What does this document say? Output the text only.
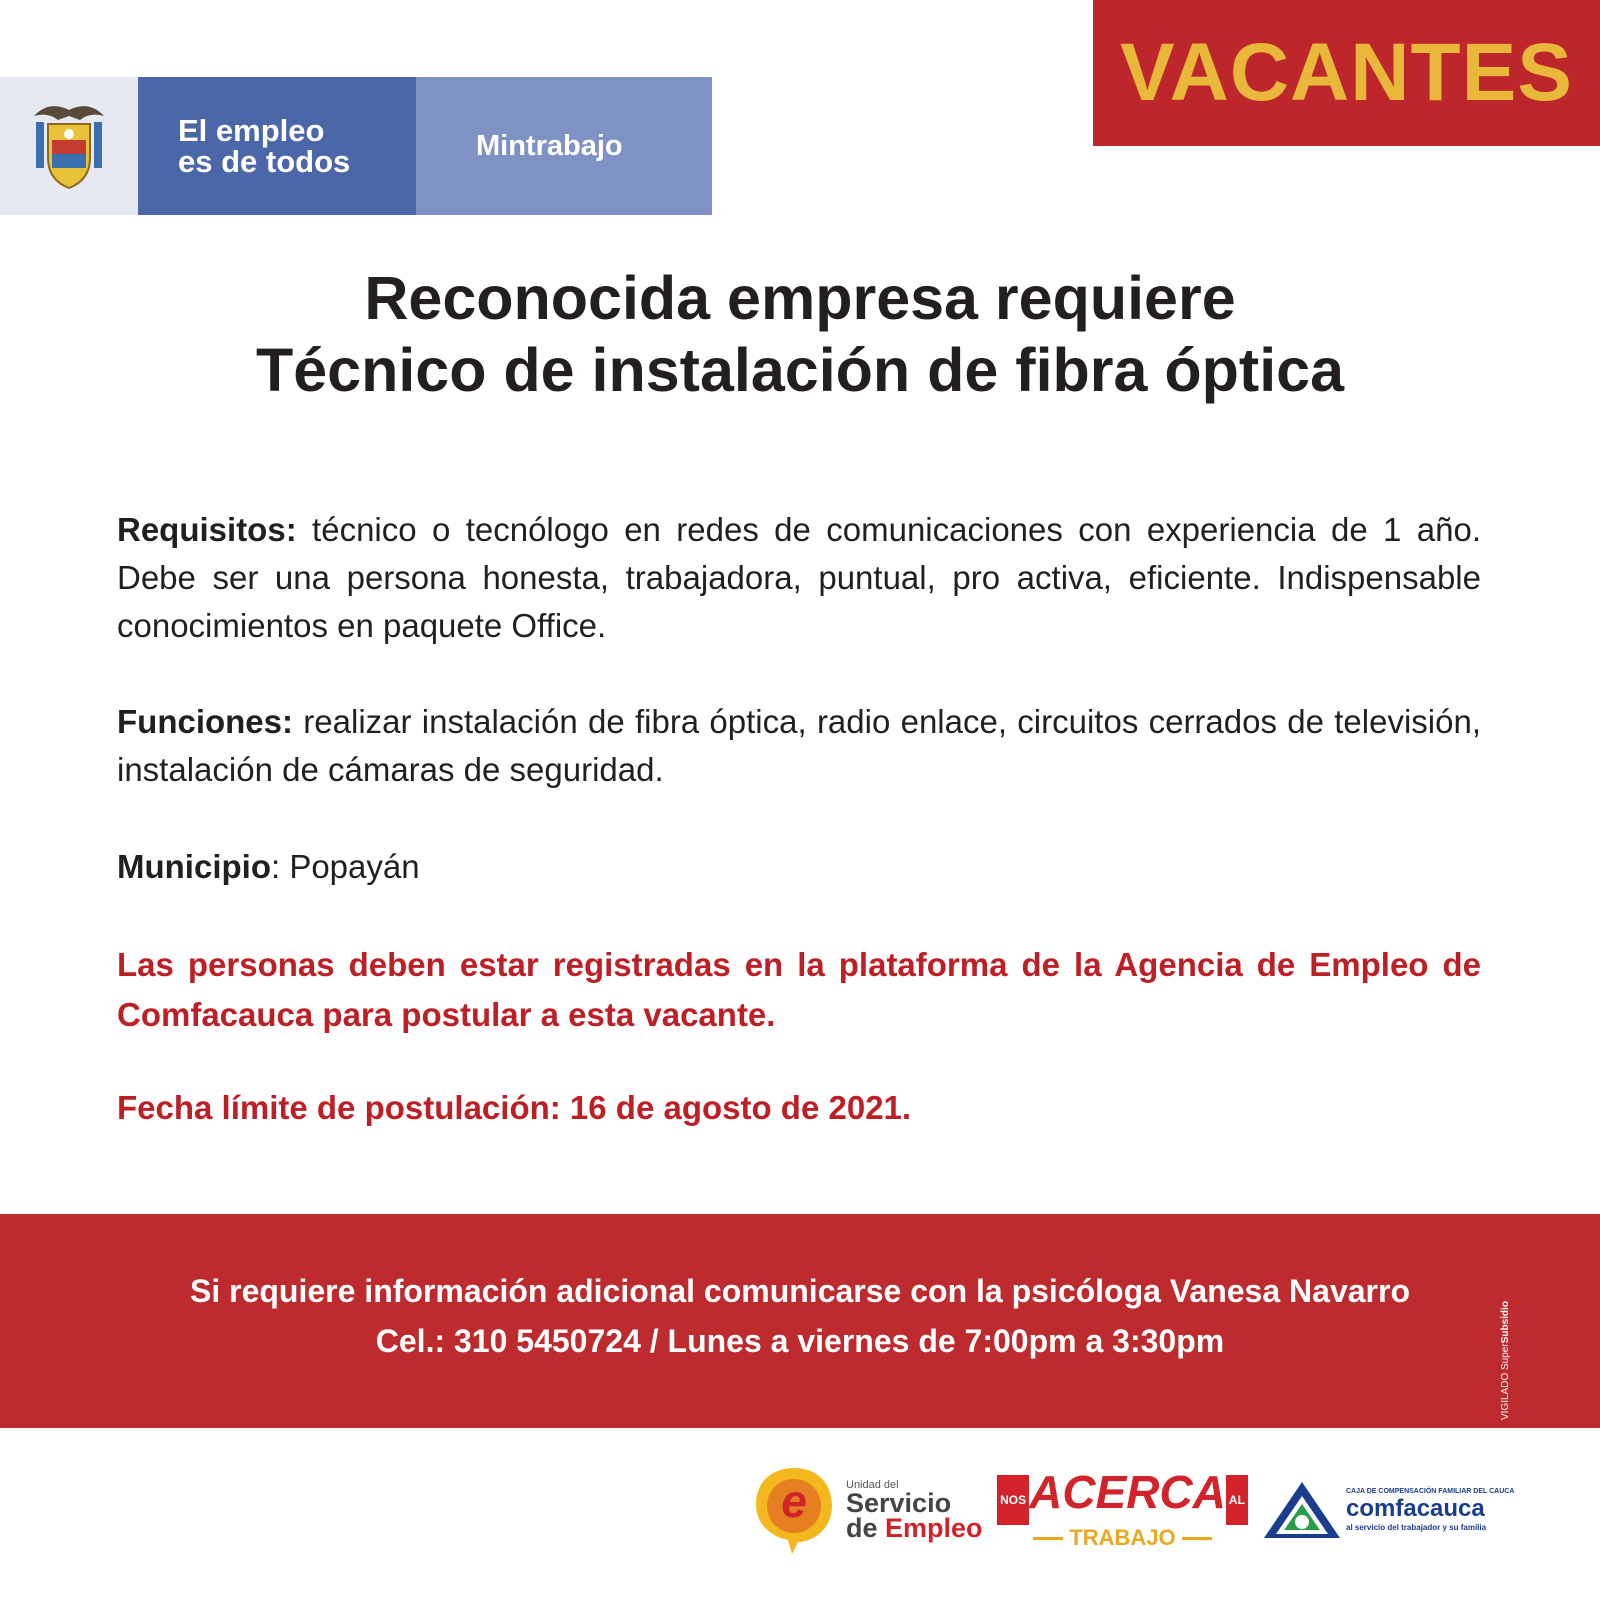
El empleo
es de todos	Mintrabajo
VACANTES
Reconocida empresa requiere
Técnico de instalación de fibra óptica
Requisitos: técnico o tecnólogo en redes de comunicaciones con experiencia de 1 año. Debe ser una persona honesta, trabajadora, puntual, pro activa, eficiente. Indispensable conocimientos en paquete Office.
Funciones: realizar instalación de fibra óptica, radio enlace, circuitos cerrados de televisión, instalación de cámaras de seguridad.
Municipio: Popayán
Las personas deben estar registradas en la plataforma de la Agencia de Empleo de Comfacauca para postular a esta vacante.
Fecha límite de postulación: 16 de agosto de 2021.
Si requiere información adicional comunicarse con la psicóloga Vanesa Navarro
Cel.: 310 5450724 / Lunes a viernes de 7:00pm a 3:30pm
VIGILADO SuperSubsidio
e	Unidad del
Servicio
de Empleo
NOS ACERCA AL
TRABAJO
CAJA DE COMPENSACIÓN FAMILIAR DEL CAUCA
comfacauca
al servicio del trabajador y su familia
